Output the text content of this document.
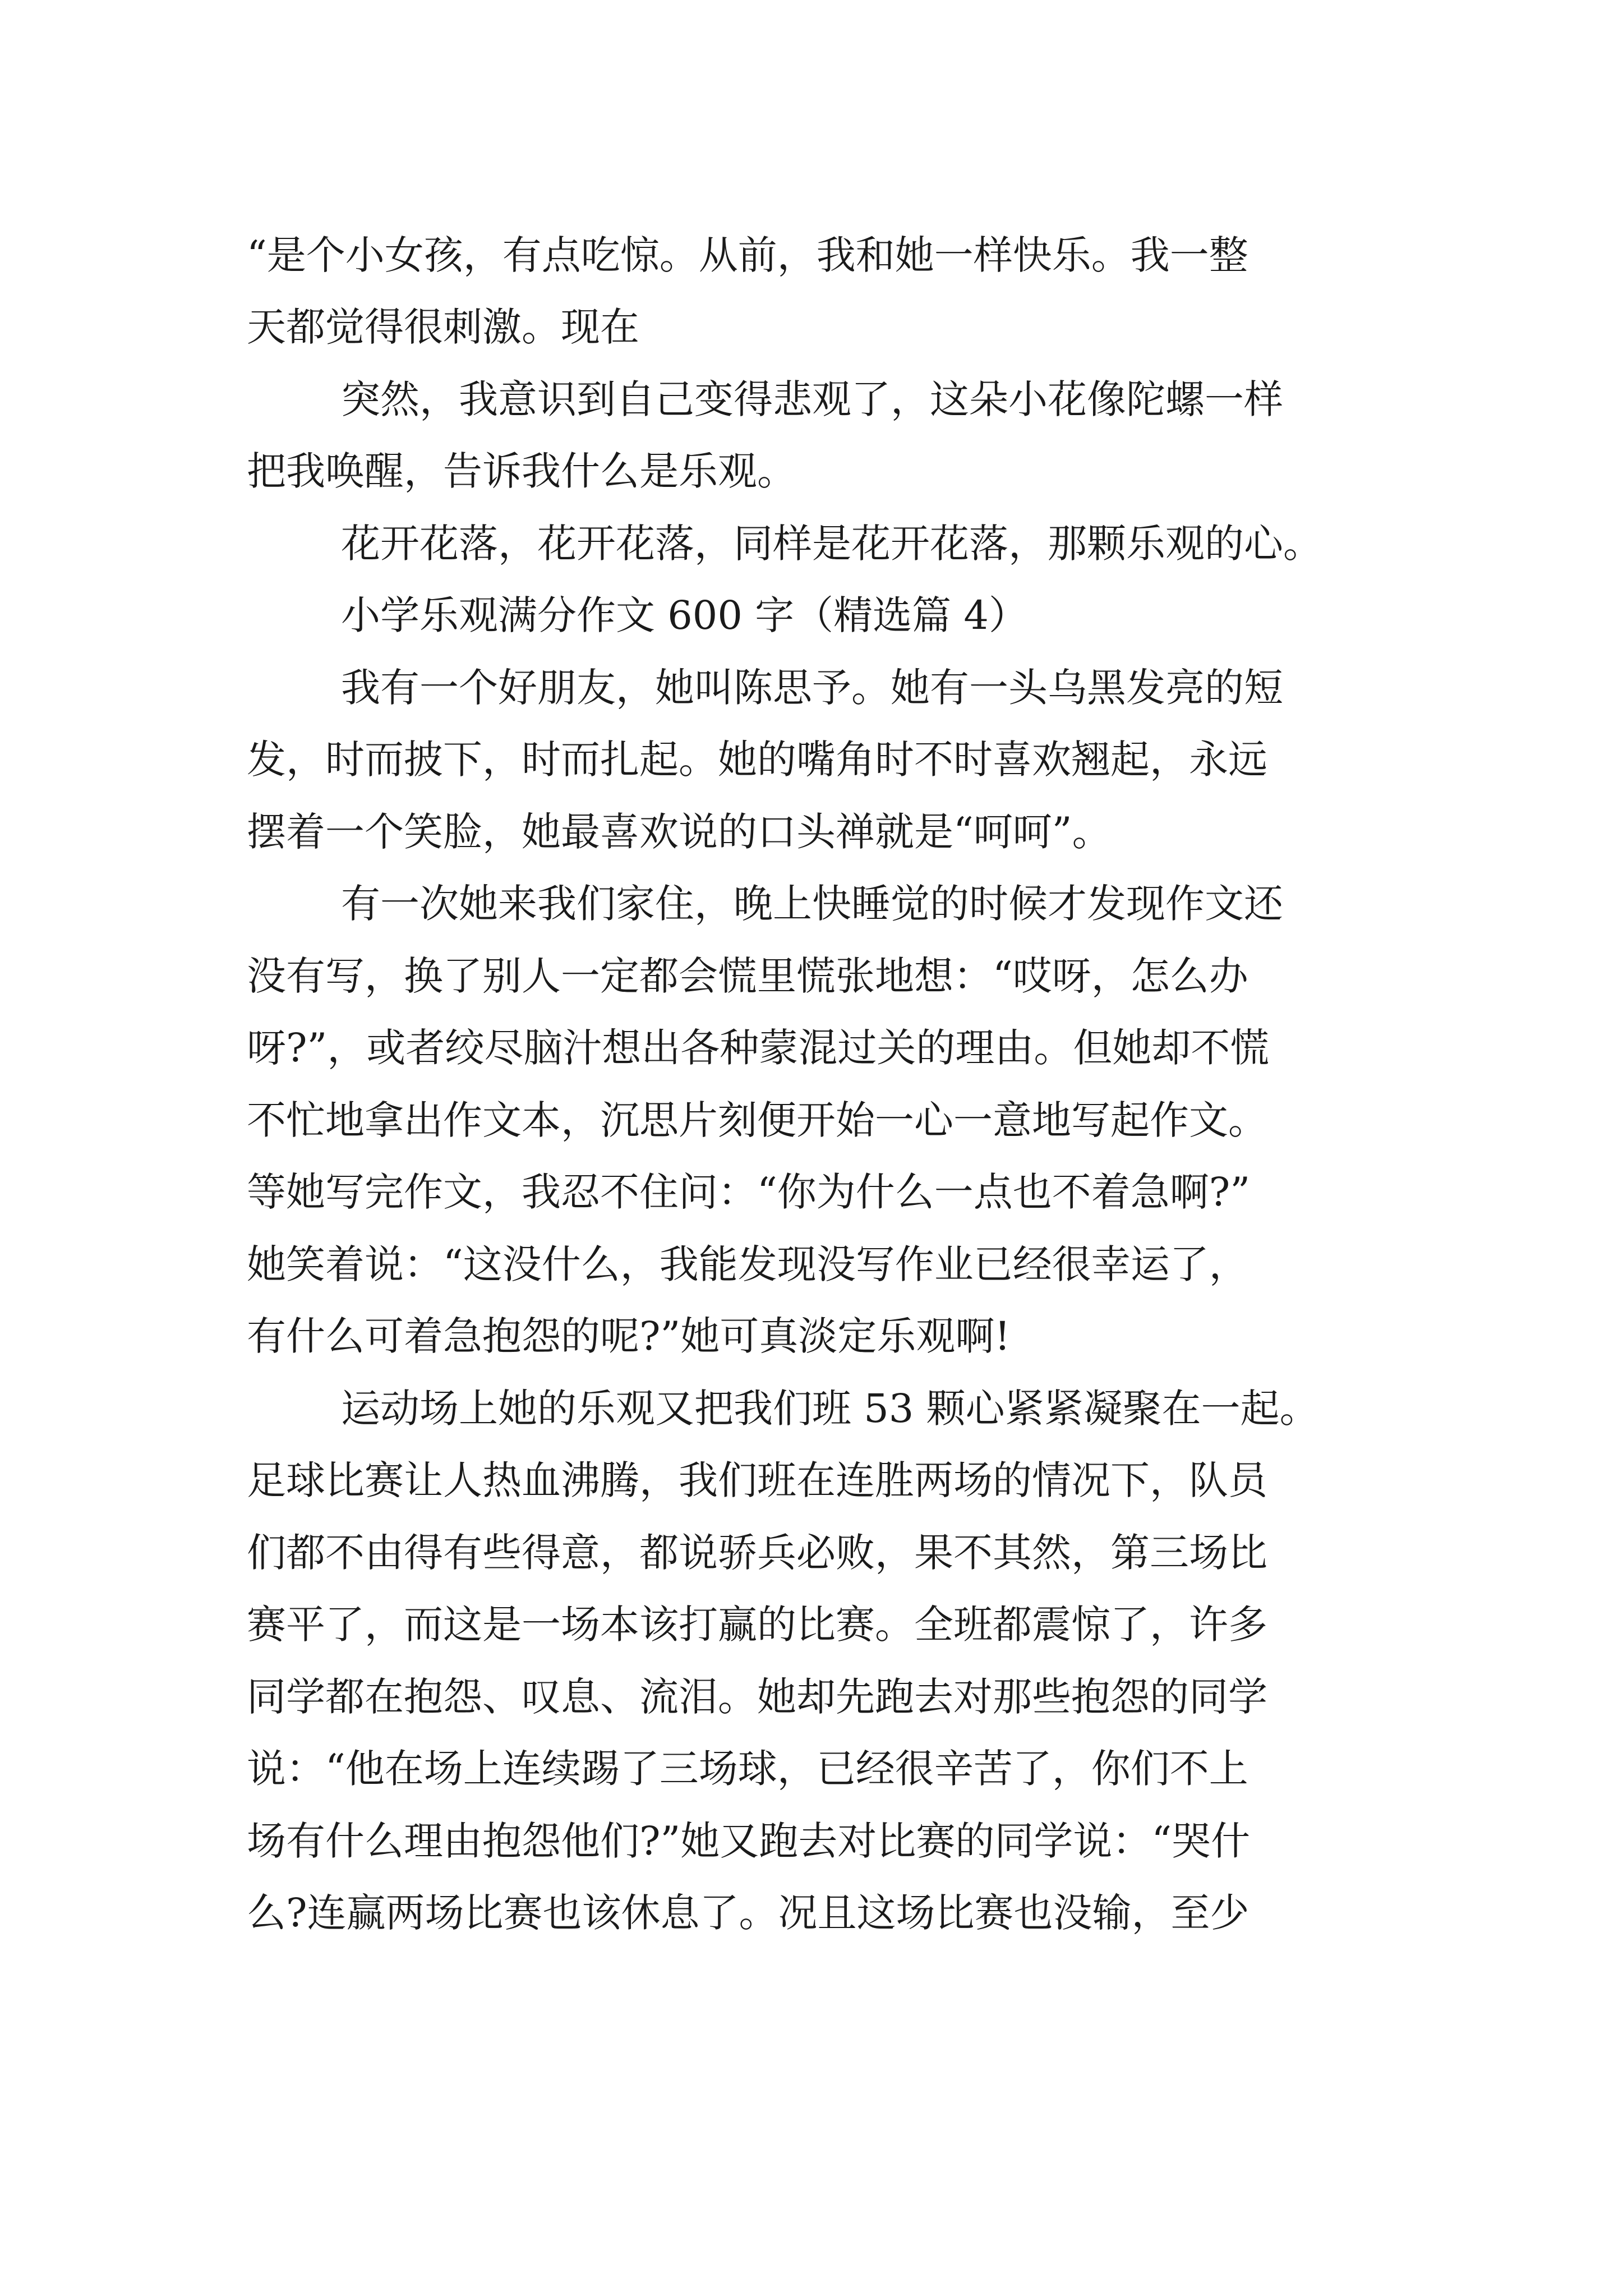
“是个小女孩，有点吃惊。从前，我和她一样快乐。我一整

天都觉得很刺激。现在

突然，我意识到自己变得悲观了，这朵小花像陀螺一样

把我唤醒，告诉我什么是乐观。

花开花落，花开花落，同样是花开花落，那颗乐观的心。

小学乐观满分作文 600 字（精选篇 4）

我有一个好朋友，她叫陈思予。她有一头乌黑发亮的短

发，时而披下，时而扎起。她的嘴角时不时喜欢翘起，永远

摆着一个笑脸，她最喜欢说的口头禅就是“呵呵”。

有一次她来我们家住，晚上快睡觉的时候才发现作文还

没有写，换了别人一定都会慌里慌张地想：“哎呀，怎么办

呀?”，或者绞尽脑汁想出各种蒙混过关的理由。但她却不慌

不忙地拿出作文本，沉思片刻便开始一心一意地写起作文。

等她写完作文，我忍不住问：“你为什么一点也不着急啊?”

她笑着说：“这没什么，我能发现没写作业已经很幸运了，

有什么可着急抱怨的呢?”她可真淡定乐观啊!

运动场上她的乐观又把我们班 53 颗心紧紧凝聚在一起。

足球比赛让人热血沸腾，我们班在连胜两场的情况下，队员

们都不由得有些得意，都说骄兵必败，果不其然，第三场比

赛平了，而这是一场本该打赢的比赛。全班都震惊了，许多

同学都在抱怨、叹息、流泪。她却先跑去对那些抱怨的同学

说：“他在场上连续踢了三场球，已经很辛苦了，你们不上

场有什么理由抱怨他们?”她又跑去对比赛的同学说：“哭什

么?连赢两场比赛也该休息了。况且这场比赛也没输，至少
